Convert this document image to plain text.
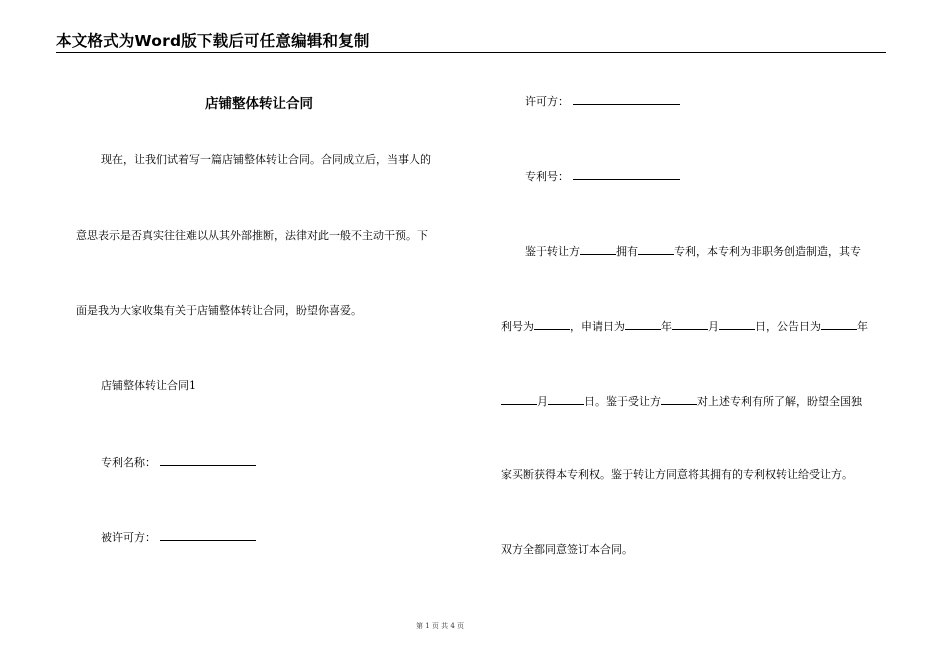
本文格式为Word版下载后可任意编辑和复制
店铺整体转让合同
现在，让我们试着写一篇店铺整体转让合同。合同成立后，当事人的
意思表示是否真实往往难以从其外部推断，法律对此一般不主动干预。下
面是我为大家收集有关于店铺整体转让合同，盼望你喜爱。
店铺整体转让合同1
专利名称：
被许可方：
许可方：
专利号：
鉴于转让方	拥有	专利，本专利为非职务创造制造，其专
利号为	，申请日为	年	月	日，公告日为	年
月	日。鉴于受让方	对上述专利有所了解，盼望全国独
家买断获得本专利权。鉴于转让方同意将其拥有的专利权转让给受让方。
双方全都同意签订本合同。
第 1 页 共 4 页
